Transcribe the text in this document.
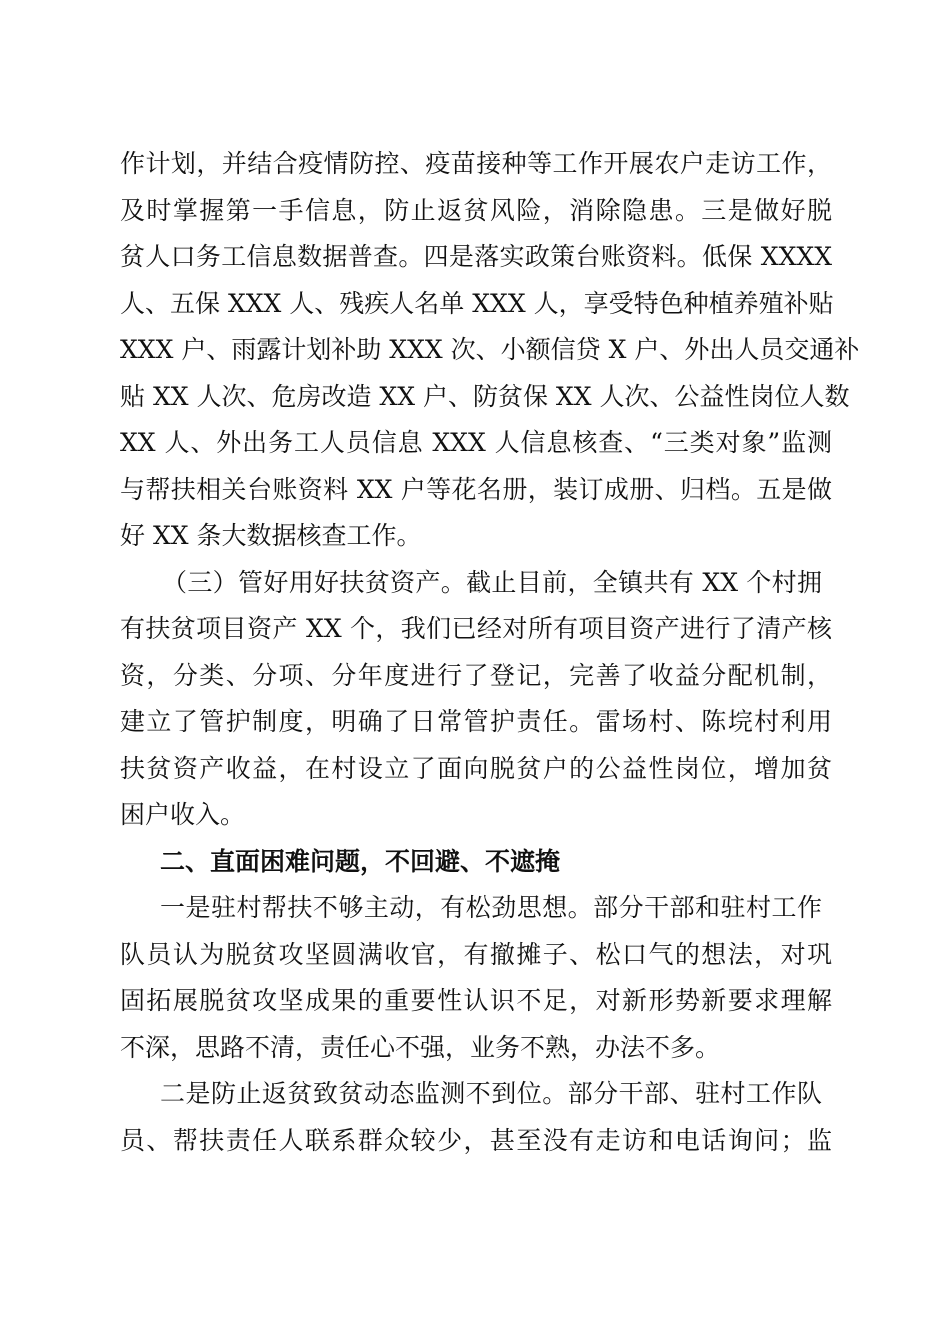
作计划，并结合疫情防控、疫苗接种等工作开展农户走访工作，
及时掌握第一手信息，防止返贫风险，消除隐患。三是做好脱
贫人口务工信息数据普查。四是落实政策台账资料。低保 XXXX
人、五保 XXX 人、残疾人名单 XXX 人，享受特色种植养殖补贴
XXX 户、雨露计划补助 XXX 次、小额信贷 X 户、外出人员交通补
贴 XX 人次、危房改造 XX 户、防贫保 XX 人次、公益性岗位人数
XX 人、外出务工人员信息 XXX 人信息核查、“三类对象”监测
与帮扶相关台账资料 XX 户等花名册，装订成册、归档。五是做
好 XX 条大数据核查工作。
（三）管好用好扶贫资产。截止目前，全镇共有 XX 个村拥
有扶贫项目资产 XX 个，我们已经对所有项目资产进行了清产核
资，分类、分项、分年度进行了登记，完善了收益分配机制，
建立了管护制度，明确了日常管护责任。雷场村、陈垸村利用
扶贫资产收益，在村设立了面向脱贫户的公益性岗位，增加贫
困户收入。
二、直面困难问题，不回避、不遮掩
一是驻村帮扶不够主动，有松劲思想。部分干部和驻村工作
队员认为脱贫攻坚圆满收官，有撤摊子、松口气的想法，对巩
固拓展脱贫攻坚成果的重要性认识不足，对新形势新要求理解
不深，思路不清，责任心不强，业务不熟，办法不多。
二是防止返贫致贫动态监测不到位。部分干部、驻村工作队
员、帮扶责任人联系群众较少，甚至没有走访和电话询问；监
